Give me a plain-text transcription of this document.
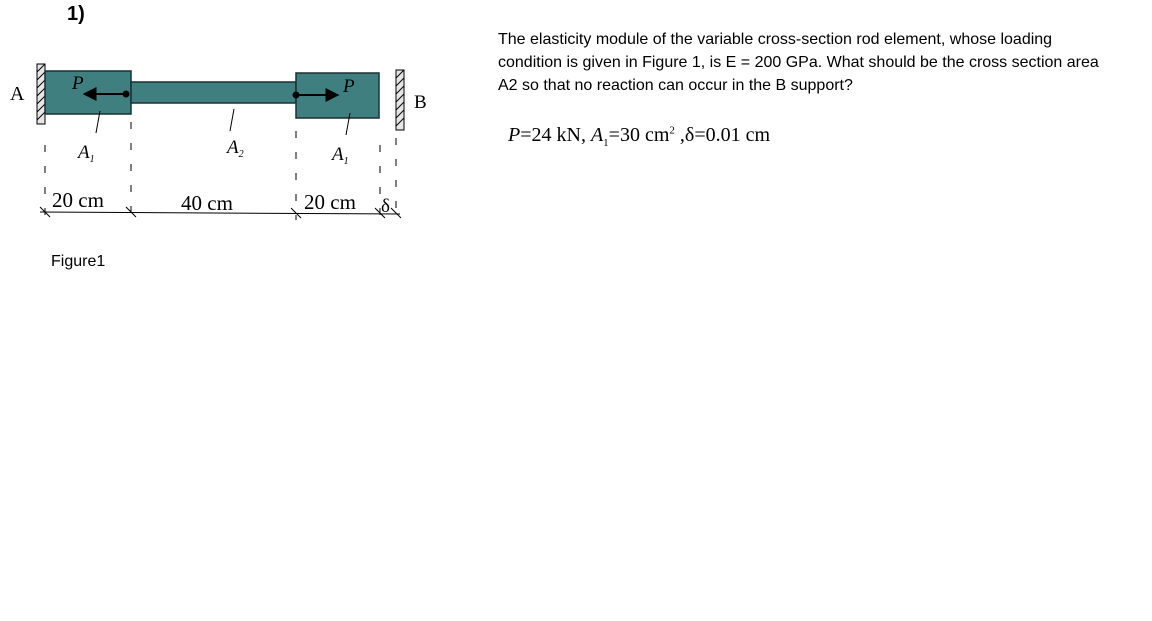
1)
A	B
P	P
$A_1$
$A_2$	$A_1$
20 cm	40 cm	20 cm δ
Figure1
The elasticity module of the variable cross-section rod element, whose loading condition is given in Figure 1, is E = 200 GPa. What should be the cross section area A2 so that no reaction can occur in the B support?
P=24 kN, $A_1=30$ $cm^2$ ,δ=0.01 cm
